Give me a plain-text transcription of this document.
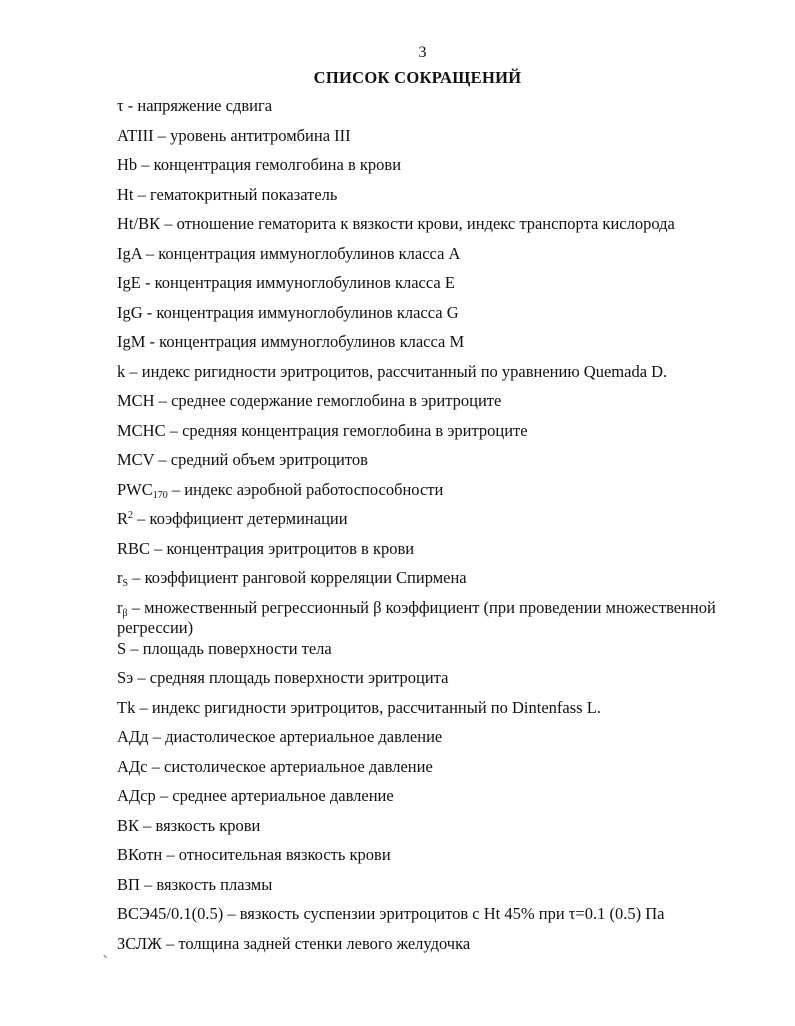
3
СПИСОК СОКРАЩЕНИЙ
τ - напряжение сдвига
ATIII – уровень антитромбина III
Hb – концентрация гемолгобина в крови
Ht – гематокритный показатель
Ht/ВК – отношение гематорита к вязкости крови, индекс транспорта кислорода
IgA – концентрация иммуноглобулинов класса A
IgE - концентрация иммуноглобулинов класса E
IgG - концентрация иммуноглобулинов класса G
IgM - концентрация иммуноглобулинов класса M
k – индекс ригидности эритроцитов, рассчитанный по уравнению Quemada D.
MCH – среднее содержание гемоглобина в эритроците
MCHC – средняя концентрация гемоглобина в эритроците
MCV – средний объем эритроцитов
$PWC_{170}$ – индекс аэробной работоспособности
$R^2$ – коэффициент детерминации
RBC – концентрация эритроцитов в крови
$r_S$ – коэффициент ранговой корреляции Спирмена
$r_\beta$ – множественный регрессионный β коэффициент (при проведении множественной регрессии)
S – площадь поверхности тела
Sэ – средняя площадь поверхности эритроцита
Tk – индекс ригидности эритроцитов, рассчитанный по Dintenfass L.
АДд – диастолическое артериальное давление
АДс – систолическое артериальное давление
АДср – среднее артериальное давление
ВК – вязкость крови
ВКотн – относительная вязкость крови
ВП – вязкость плазмы
ВСЭ45/0.1(0.5) – вязкость суспензии эритроцитов с Ht 45% при τ=0.1 (0.5) Па
ЗСЛЖ – толщина задней стенки левого желудочка
